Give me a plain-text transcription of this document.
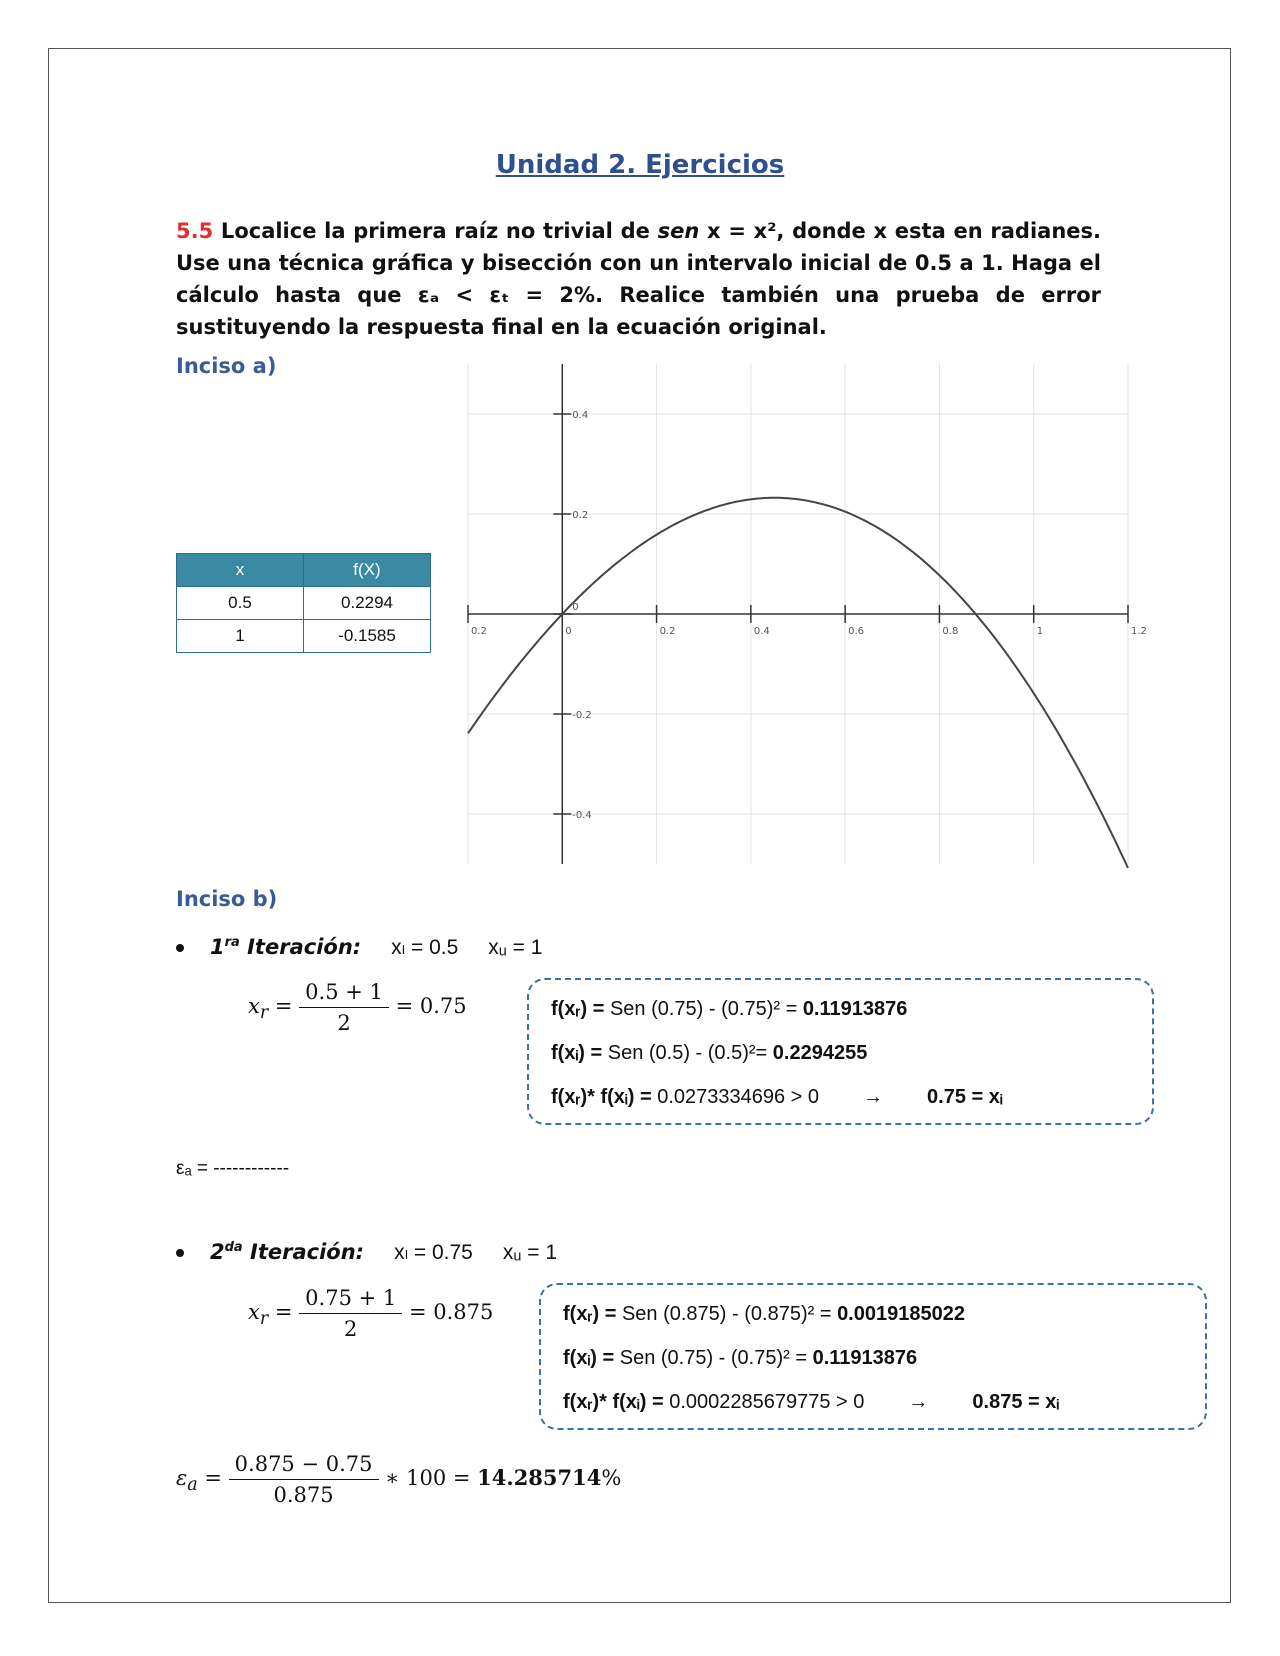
Unidad 2. Ejercicios
5.5 Localice la primera raíz no trivial de sen x = x², donde x esta en radianes. Use una técnica gráfica y bisección con un intervalo inicial de 0.5 a 1. Haga el cálculo hasta que εₐ < εₜ = 2%. Realice también una prueba de error sustituyendo la respuesta final en la ecuación original.
Inciso a)
x	f(X)
0.5	0.2294
1	-0.1585	0.2	0	0.2	0.4	0.6	0.8	1	1.2
0.4
0.2
0
-0.2
-0.4
Inciso b)
$1^{ra}$ Iteración: xₗ = 0.5 xᵤ = 1
$x_r = \frac{0.5 + 1}{2} = 0.75$	f(xᵣ) = Sen (0.75) - (0.75)² = 0.11913876
f(xᵢ) = Sen (0.5) - (0.5)²= 0.2294255
f(xᵣ)* f(xᵢ) = 0.0273334696 > 0 → 0.75 = xᵢ
εₐ = ------------
$2^{da}$ Iteración: xₗ = 0.75 xᵤ = 1
$x_r = \frac{0.75 + 1}{2} = 0.875$	f(xᵣ) = Sen (0.875) - (0.875)² = 0.0019185022
f(xᵢ) = Sen (0.75) - (0.75)² = 0.11913876
f(xᵣ)* f(xᵢ) = 0.0002285679775 > 0 → 0.875 = xᵢ
$\varepsilon_a = \frac{0.875 - 0.75}{0.875}$ ∗ 100 = 14.285714%
